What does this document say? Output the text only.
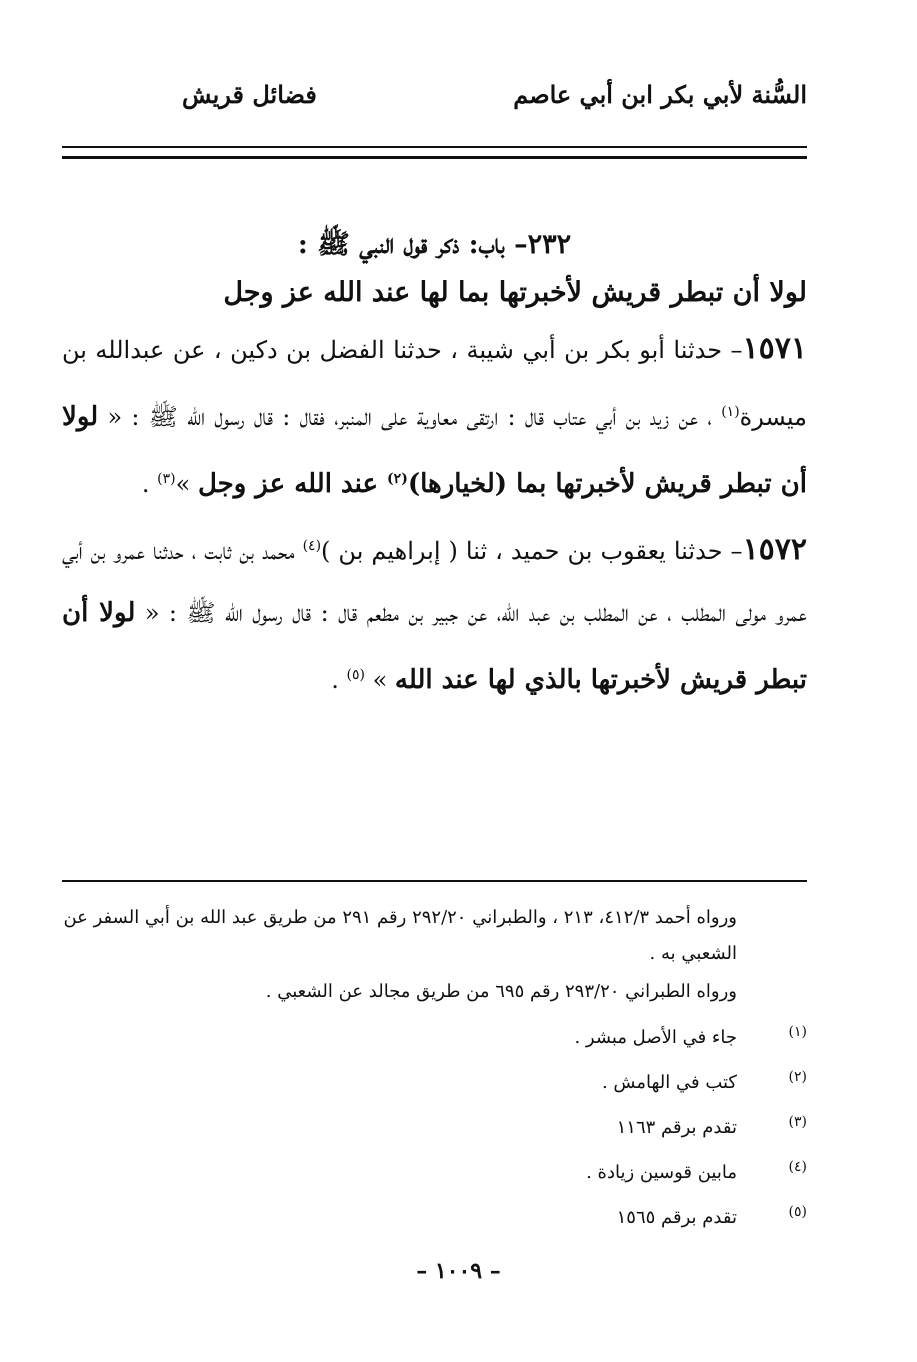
السُّنة لأبي بكر ابن أبي عاصم
فضائل قريش
٢٣٢– باب: ذكر قول النبي ﷺ :
لولا أن تبطر قريش لأخبرتها بما لها عند الله عز وجل

١٥٧١– حدثنا أبو بكر بن أبي شيبة ، حدثنا الفضل بن دكين ، عن عبدالله بن ميسرة$^{(١)}$ ، عن زيد بن أبي عتاب قال : ارتقى معاوية على المنبر، فقال : قال رسول الله ﷺ : « لولا أن تبطر قريش لأخبرتها بما (لخيارها)$^{(٢)}$ عند الله عز وجل »$^{(٣)}$ .

١٥٧٢– حدثنا يعقوب بن حميد ، ثنا ( إبراهيم بن )$^{(٤)}$ محمد بن ثابت ، حدثنا عمرو بن أبي عمرو مولى المطلب ، عن المطلب بن عبد الله، عن جبير بن مطعم قال : قال رسول الله ﷺ : « لولا أن تبطر قريش لأخبرتها بالذي لها عند الله » $^{(٥)}$ .

ورواه أحمد ٤١٢/٣، ٢١٣ ، والطبراني ٢٩٢/٢٠ رقم ٢٩١ من طريق عبد الله بن أبي السفر عن الشعبي به .

ورواه الطبراني ٢٩٣/٢٠ رقم ٦٩٥ من طريق مجالد عن الشعبي .

(١)
جاء في الأصل مبشر .
(٢)
كتب في الهامش .
(٣)
تقدم برقم ١١٦٣
(٤)
مابين قوسين زيادة .
(٥)
تقدم برقم ١٥٦٥
– ١٠٠٩ –
